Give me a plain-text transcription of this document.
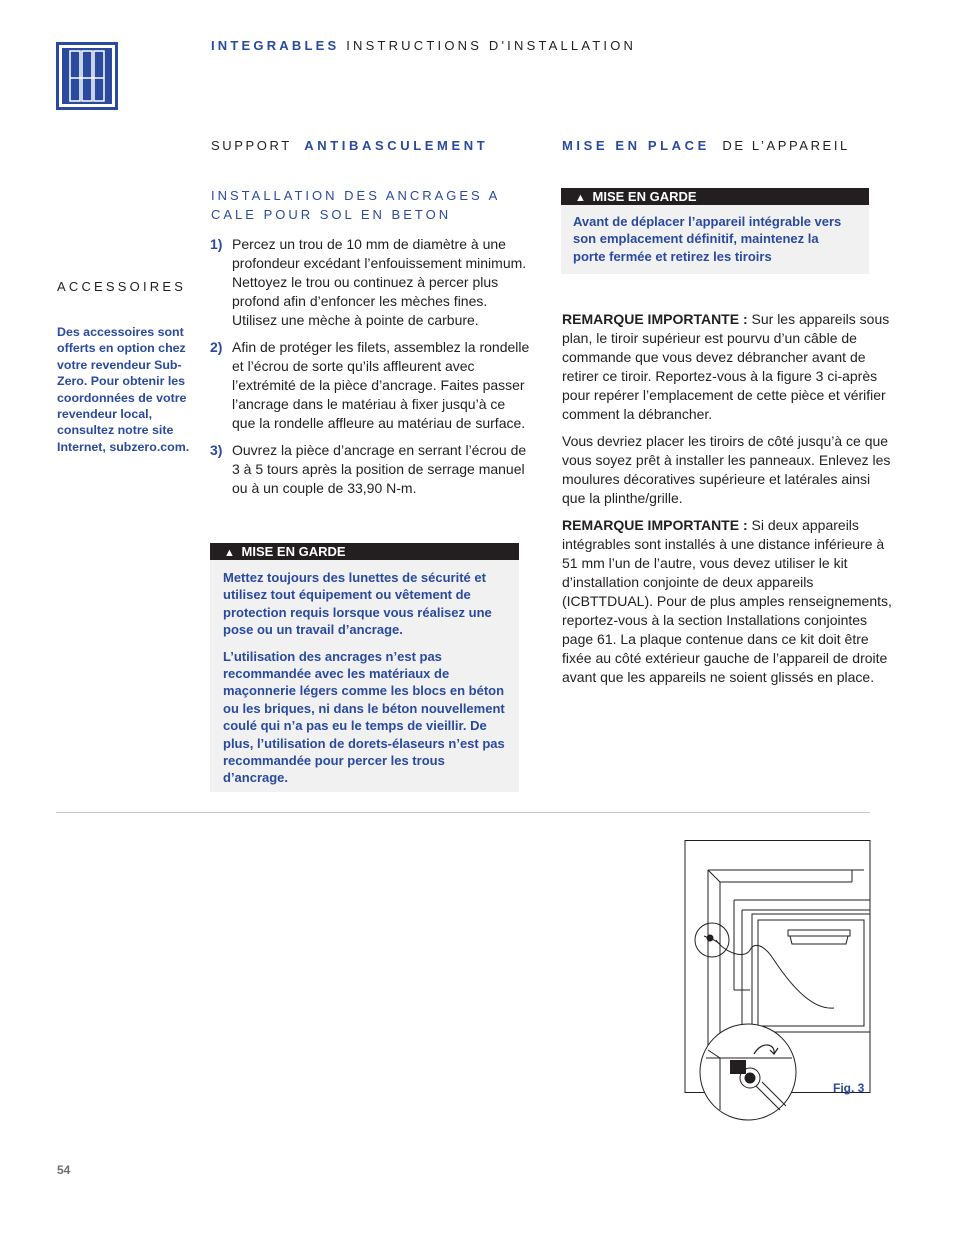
INTEGRABLES INSTRUCTIONS D'INSTALLATION
ACCESSOIRES
Des accessoires sont offerts en option chez votre revendeur Sub-Zero. Pour obtenir les coordonnées de votre revendeur local, consultez notre site Internet, subzero.com.
SUPPORT ANTIBASCULEMENT
INSTALLATION DES ANCRAGES A
CALE POUR SOL EN BETON
1) Percez un trou de 10 mm de diamètre à une profondeur excédant l’enfouissement minimum. Nettoyez le trou ou continuez à percer plus profond afin d’enfoncer les mèches fines. Utilisez une mèche à pointe de carbure.
2) Afin de protéger les filets, assemblez la rondelle et l’écrou de sorte qu’ils affleurent avec l’extrémité de la pièce d’ancrage. Faites passer l’ancrage dans le matériau à fixer jusqu’à ce que la rondelle affleure au matériau de surface.
3) Ouvrez la pièce d’ancrage en serrant l’écrou de 3 à 5 tours après la position de serrage manuel ou à un couple de 33,90 N-m.
▲ MISE EN GARDE

Mettez toujours des lunettes de sécurité et utilisez tout équipement ou vêtement de protection requis lorsque vous réalisez une pose ou un travail d’ancrage.

L’utilisation des ancrages n’est pas recommandée avec les matériaux de maçonnerie légers comme les blocs en béton ou les briques, ni dans le béton nouvellement coulé qui n’a pas eu le temps de vieillir. De plus, l’utilisation de dorets-élaseurs n’est pas recommandée pour percer les trous d’ancrage.

MISE EN PLACE DE L’APPAREIL
▲ MISE EN GARDE
Avant de déplacer l’appareil intégrable vers son emplacement définitif, maintenez la porte fermée et retirez les tiroirs

REMARQUE IMPORTANTE : Sur les appareils sous plan, le tiroir supérieur est pourvu d’un câble de commande que vous devez débrancher avant de retirer ce tiroir. Reportez-vous à la figure 3 ci-après pour repérer l’emplacement de cette pièce et vérifier comment la débrancher.

Vous devriez placer les tiroirs de côté jusqu’à ce que vous soyez prêt à installer les panneaux. Enlevez les moulures décoratives supérieure et latérales ainsi que la plinthe/grille.

REMARQUE IMPORTANTE : Si deux appareils intégrables sont installés à une distance inférieure à 51 mm l’un de l’autre, vous devez utiliser le kit d’installation conjointe de deux appareils (ICBTTDUAL). Pour de plus amples renseignements, reportez-vous à la section Installations conjointes page 61. La plaque contenue dans ce kit doit être fixée au côté extérieur gauche de l’appareil de droite avant que les appareils ne soient glissés en place.

Fig. 3
54
